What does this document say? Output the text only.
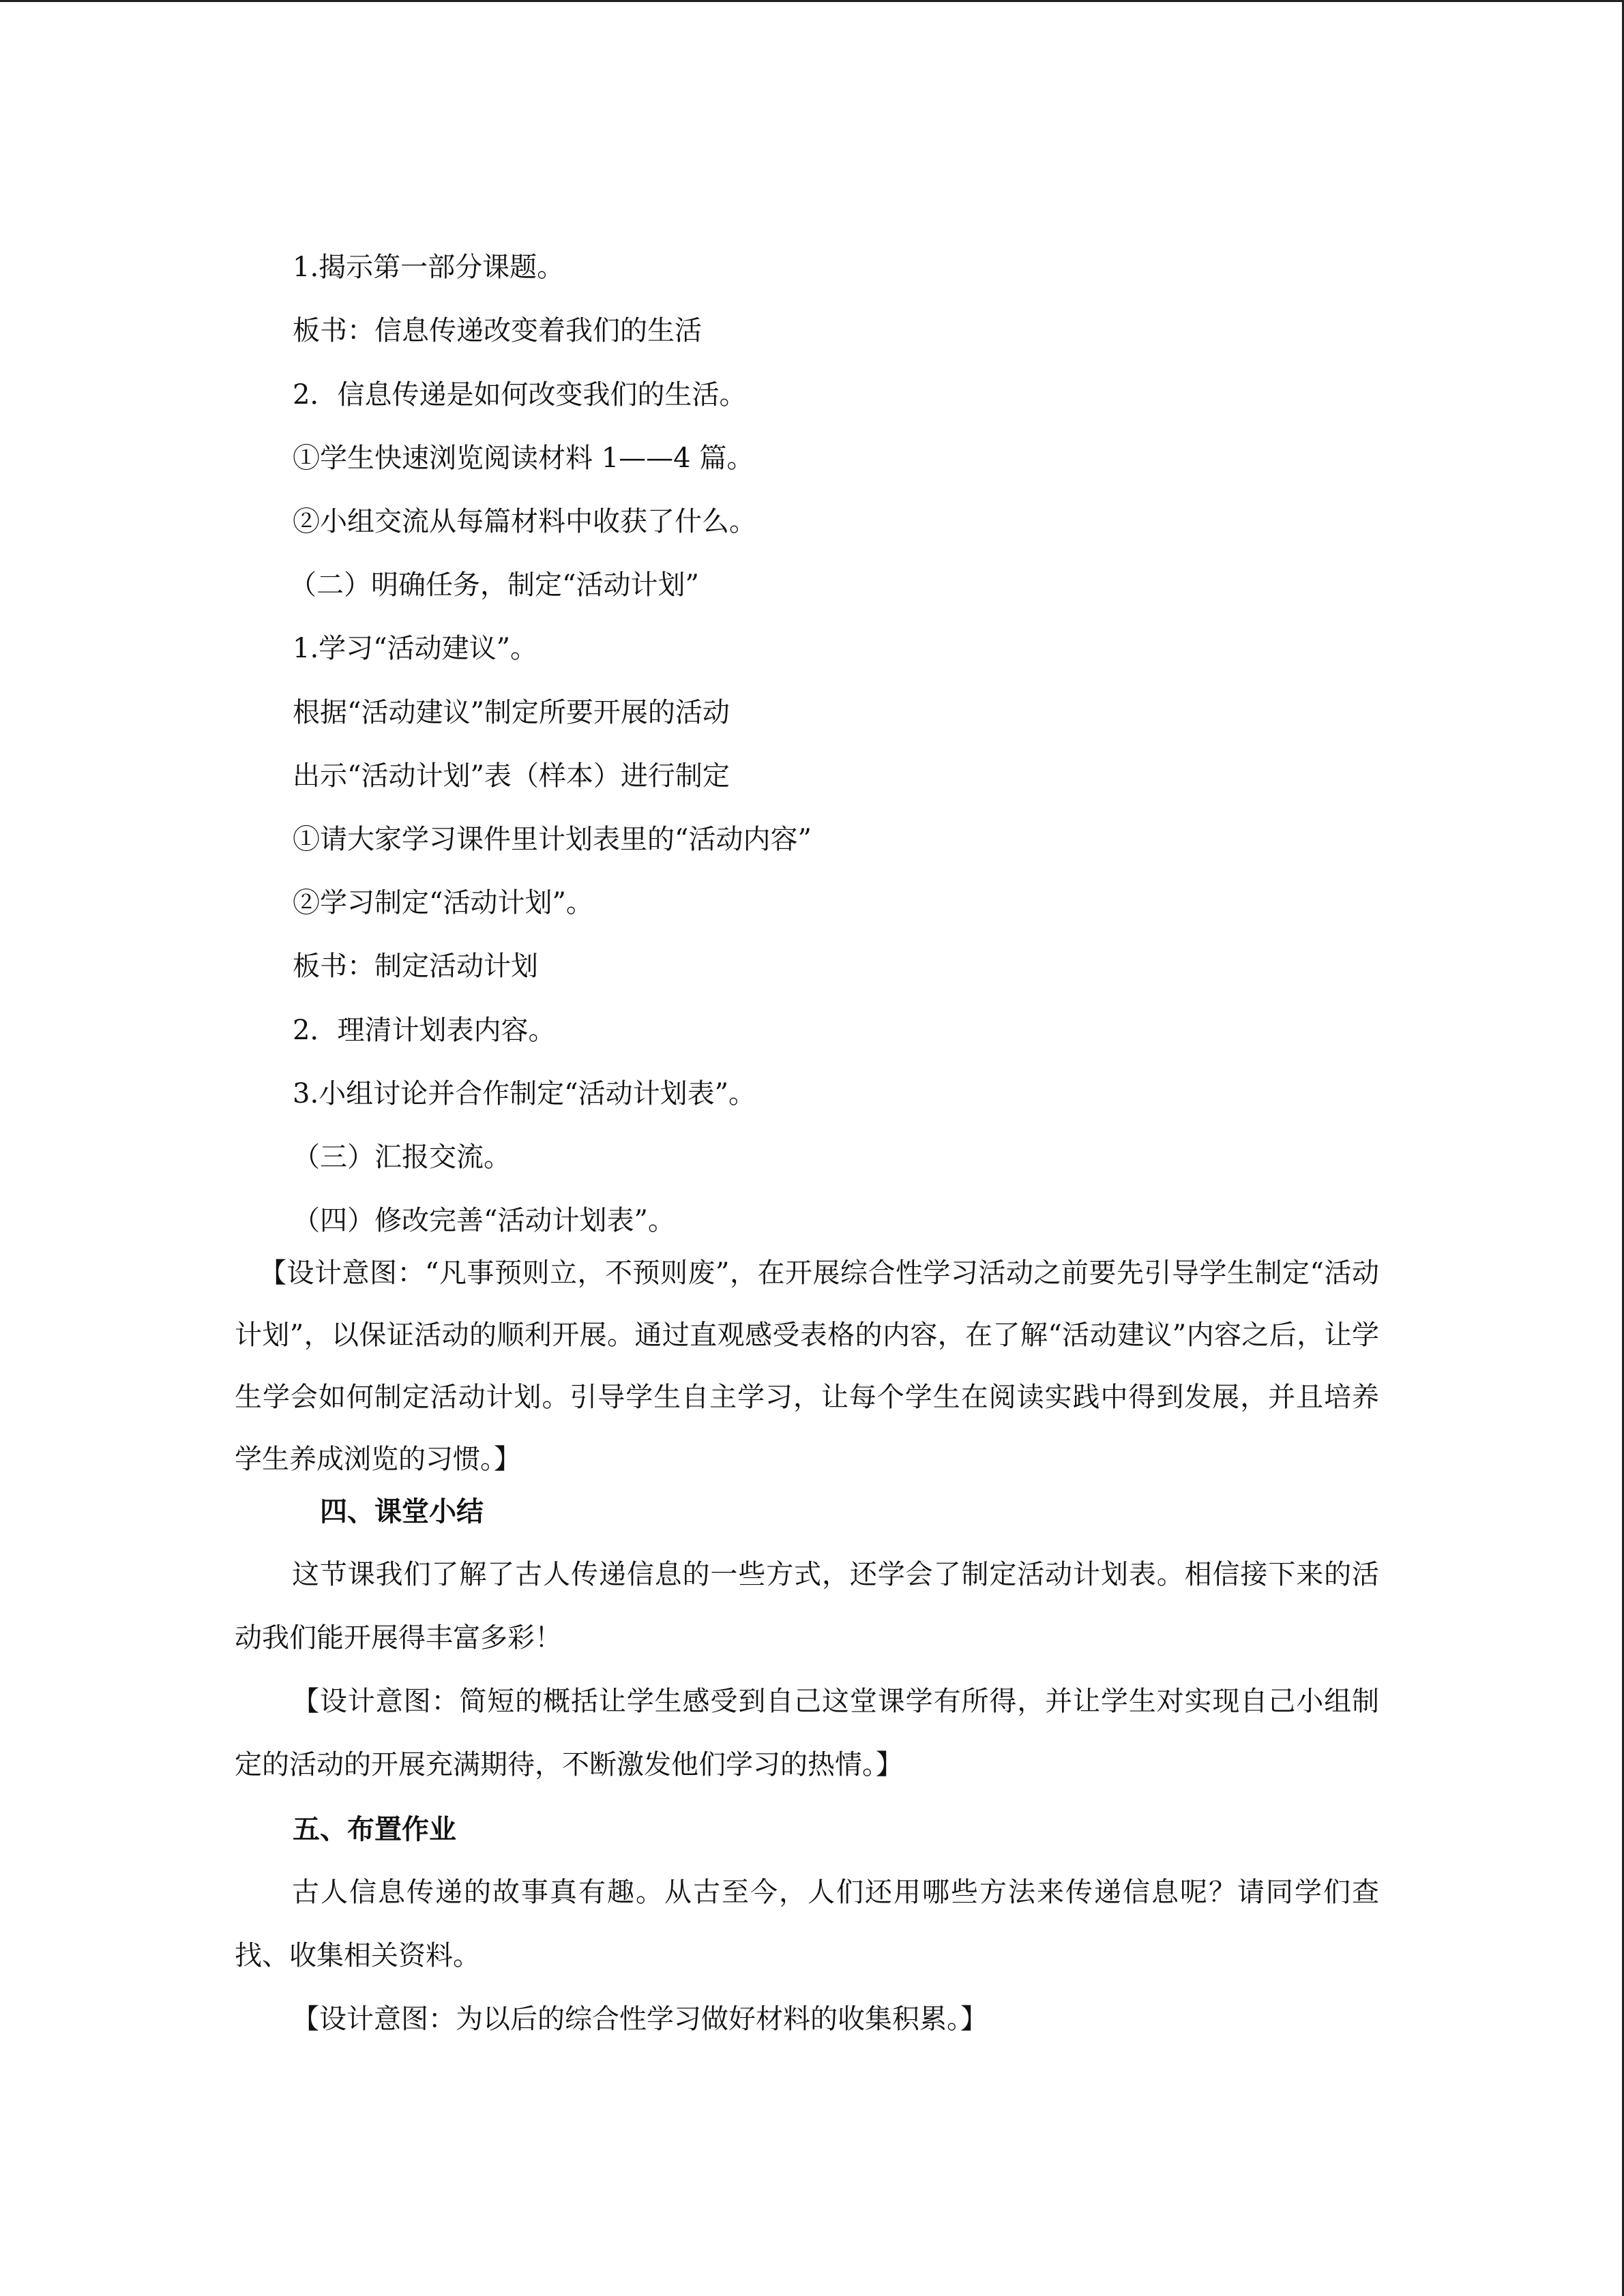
1.揭示第一部分课题。
板书：信息传递改变着我们的生活
2．信息传递是如何改变我们的生活。
①学生快速浏览阅读材料 1——4 篇。
②小组交流从每篇材料中收获了什么。
（二）明确任务，制定“活动计划”
1.学习“活动建议”。
根据“活动建议”制定所要开展的活动
出示“活动计划”表（样本）进行制定
①请大家学习课件里计划表里的“活动内容”
②学习制定“活动计划”。
板书：制定活动计划
2．理清计划表内容。
3.小组讨论并合作制定“活动计划表”。
（三）汇报交流。
（四）修改完善“活动计划表”。

【设计意图：“凡事预则立，不预则废”，在开展综合性学习活动之前要先引导学生制定“活动计划”，以保证活动的顺利开展。通过直观感受表格的内容，在了解“活动建议”内容之后，让学生学会如何制定活动计划。引导学生自主学习，让每个学生在阅读实践中得到发展，并且培养学生养成浏览的习惯。】

四、课堂小结

这节课我们了解了古人传递信息的一些方式，还学会了制定活动计划表。相信接下来的活动我们能开展得丰富多彩！

【设计意图：简短的概括让学生感受到自己这堂课学有所得，并让学生对实现自己小组制定的活动的开展充满期待，不断激发他们学习的热情。】

五、布置作业

古人信息传递的故事真有趣。从古至今，人们还用哪些方法来传递信息呢？请同学们查找、收集相关资料。

【设计意图：为以后的综合性学习做好材料的收集积累。】
